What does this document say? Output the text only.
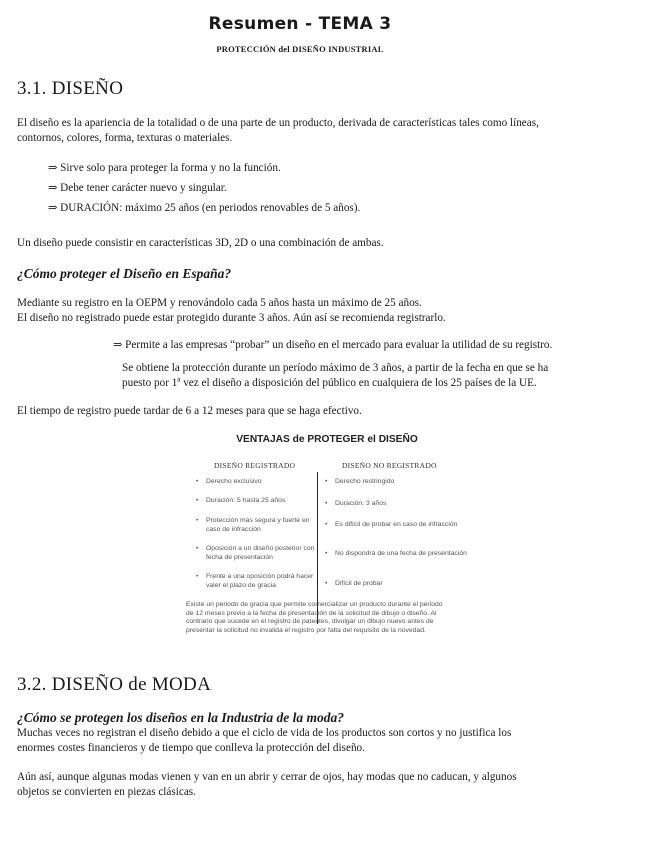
Resumen - TEMA 3
PROTECCIÓN del DISEÑO INDUSTRIAL
3.1. DISEÑO
El diseño es la apariencia de la totalidad o de una parte de un producto, derivada de características tales como líneas,
contornos, colores, forma, texturas o materiales.
⇒ Sirve solo para proteger la forma y no la función.
⇒ Debe tener carácter nuevo y singular.
⇒ DURACIÓN: máximo 25 años (en periodos renovables de 5 años).
Un diseño puede consistir en características 3D, 2D o una combinación de ambas.
¿Cómo proteger el Diseño en España?
Mediante su registro en la OEPM y renovándolo cada 5 años hasta un máximo de 25 años.
El diseño no registrado puede estar protegido durante 3 años. Aún así se recomienda registrarlo.
⇒ Permite a las empresas “probar” un diseño en el mercado para evaluar la utilidad de su registro.
Se obtiene la protección durante un período máximo de 3 años, a partir de la fecha en que se ha
puesto por 1ª vez el diseño a disposición del público en cualquiera de los 25 países de la UE.
El tiempo de registro puede tardar de 6 a 12 meses para que se haga efectivo.
VENTAJAS de PROTEGER el DISEÑO
DISEÑO REGISTRADO	DISEÑO NO REGISTRADO
• Derecho exclusivo
• Duración: 5 hasta 25 años
• Protección más segura y fuerte en caso de infracción
• Oposición a un diseño posterior con fecha de presentación
• Frente a una oposición podrá hacer valer el plazo de gracia
• Derecho restringido
• Duración: 3 años
• Es difícil de probar en caso de infracción
• No dispondrá de una fecha de presentación
• Difícil de probar
Existe un periodo de gracia que permite comercializar un producto durante el periodo
de 12 meses previo a la fecha de presentación de la solicitud de dibujo o diseño. Al
contrario que sucede en el registro de patentes, divulgar un dibujo nuevo antes de
presentar la solicitud no invalida el registro por falta del requisito de la novedad.
3.2. DISEÑO de MODA
¿Cómo se protegen los diseños en la Industria de la moda?
Muchas veces no registran el diseño debido a que el ciclo de vida de los productos son cortos y no justifica los
enormes costes financieros y de tiempo que conlleva la protección del diseño.
Aún así, aunque algunas modas vienen y van en un abrir y cerrar de ojos, hay modas que no caducan, y algunos
objetos se convierten en piezas clásicas.
